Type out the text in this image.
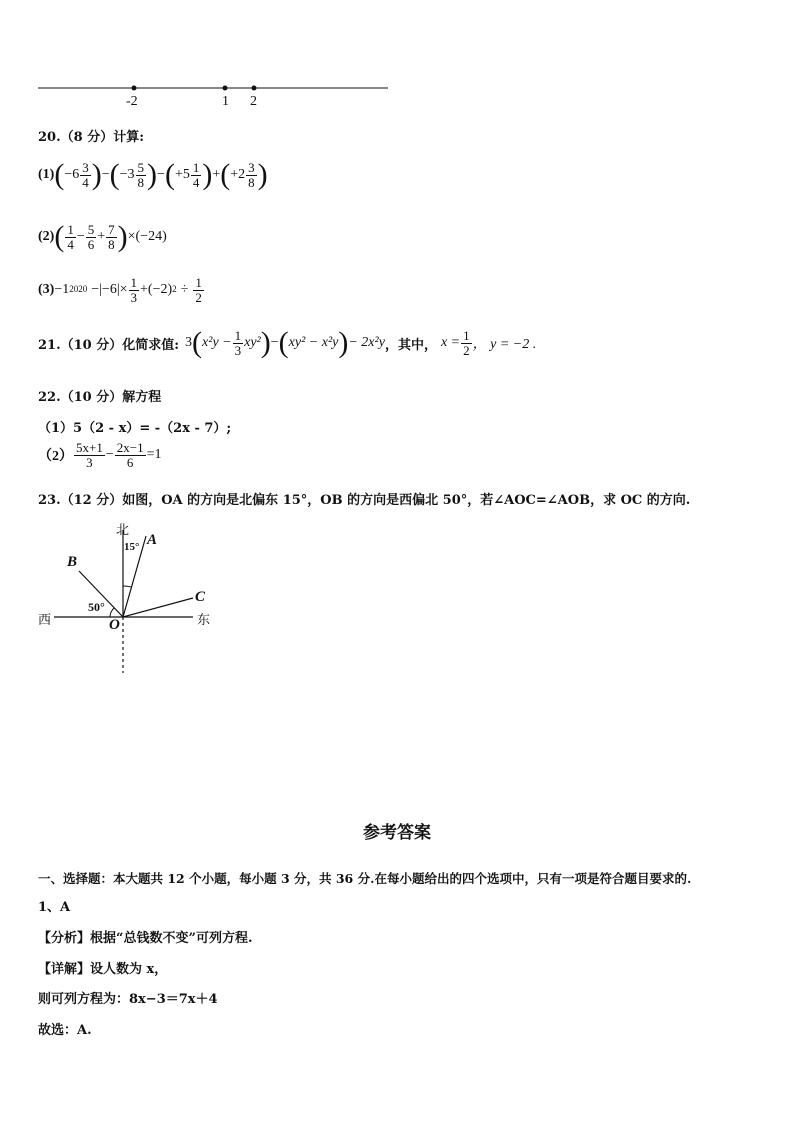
-2	1 2
20.（8 分）计算:
(1) ( $-6 \frac{3}{4}$ ) − ( $-3 \frac{5}{8}$ ) − ( $+5 \frac{1}{4}$ ) + ( $+2 \frac{3}{8}$ )
(2) ( $\frac{1}{4} - \frac{5}{6} + \frac{7}{8}$ ) ×(−24)
(3) −1 $2020 -|-6|\times \frac{1}{3} +(-2) 2 \div \frac{1}{2}$
21.（10 分）化简求值: 3 ( $x^2y - \frac{1}{3} xy^2$ ) − ( xy² − x²y ) − 2x²y ，其中， $x = \frac{1}{2}$ ， y = −2 .
22.（10 分）解方程
（1）5（2 - x）= -（2x - 7）;
$(2) \frac{5x+1}{3} - \frac{2x-1}{6} =1$
23.（12 分）如图，OA 的方向是北偏东 15°，OB 的方向是西偏北 50°，若∠AOC=∠AOB，求 OC 的方向.
北
西	东
A
B
C
O
15°
50°
参考答案
一、选择题：本大题共 12 个小题，每小题 3 分，共 36 分.在每小题给出的四个选项中，只有一项是符合题目要求的.
1、A
【分析】根据“总钱数不变”可列方程.
【详解】设人数为 x，
则可列方程为：8x−3＝7x＋4
故选：A.
